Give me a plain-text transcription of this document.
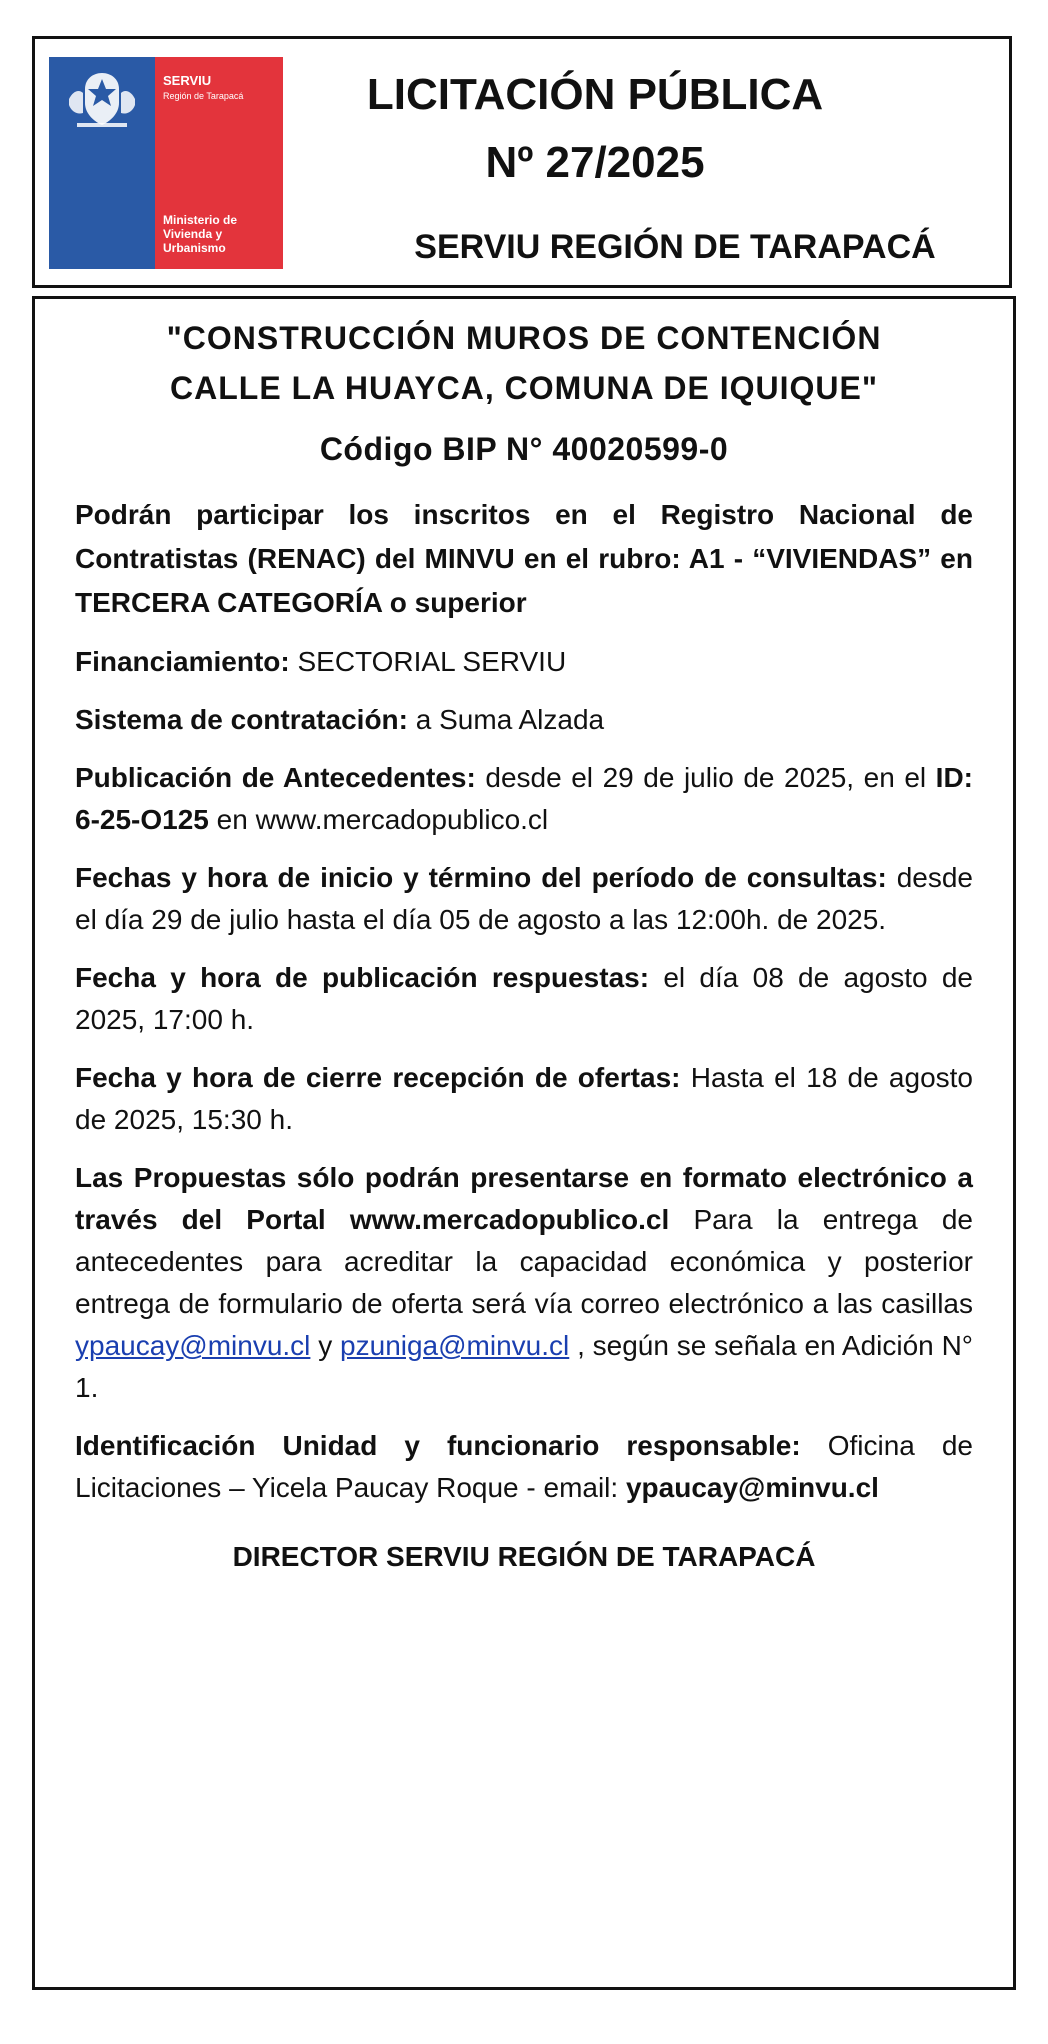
SERVIU
Región de Tarapacá
Ministerio de
Vivienda y
Urbanismo
LICITACIÓN PÚBLICA
Nº 27/2025
SERVIU REGIÓN DE TARAPACÁ
"CONSTRUCCIÓN MUROS DE CONTENCIÓN
CALLE LA HUAYCA, COMUNA DE IQUIQUE"
Código BIP N° 40020599-0
Podrán participar los inscritos en el Registro Nacional de Contratistas (RENAC) del MINVU en el rubro: A1 - “VIVIENDAS” en TERCERA CATEGORÍA o superior
Financiamiento: SECTORIAL SERVIU
Sistema de contratación: a Suma Alzada
Publicación de Antecedentes: desde el 29 de julio de 2025, en el ID: 6-25-O125 en www.mercadopublico.cl
Fechas y hora de inicio y término del período de consultas: desde el día 29 de julio hasta el día 05 de agosto a las 12:00h. de 2025.
Fecha y hora de publicación respuestas: el día 08 de agosto de 2025, 17:00 h.
Fecha y hora de cierre recepción de ofertas: Hasta el 18 de agosto de 2025, 15:30 h.
Las Propuestas sólo podrán presentarse en formato electrónico a través del Portal www.mercadopublico.cl Para la entrega de antecedentes para acreditar la capacidad económica y posterior entrega de formulario de oferta será vía correo electrónico a las casillas ypaucay@minvu.cl y pzuniga@minvu.cl , según se señala en Adición N° 1.
Identificación Unidad y funcionario responsable: Oficina de Licitaciones – Yicela Paucay Roque - email: ypaucay@minvu.cl
DIRECTOR SERVIU REGIÓN DE TARAPACÁ
